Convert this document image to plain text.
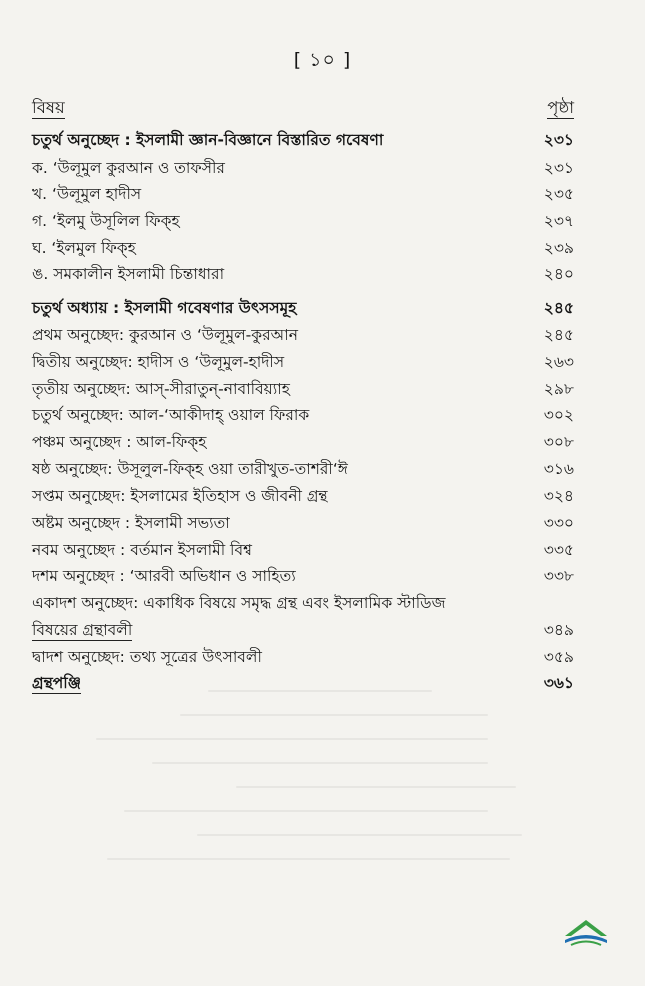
[ ১০ ]
বিষয়	পৃষ্ঠা
চতুর্থ অনুচ্ছেদ : ইসলামী জ্ঞান-বিজ্ঞানে বিস্তারিত গবেষণা	২৩১
ক. ‘উলূমুল কুরআন ও তাফসীর	২৩১
খ. ‘উলূমুল হাদীস	২৩৫
গ. ‘ইলমু উসূলিল ফিক্‌হ	২৩৭
ঘ. ‘ইলমুল ফিক্‌হ	২৩৯
ঙ. সমকালীন ইসলামী চিন্তাধারা	২৪০
চতুর্থ অধ্যায় : ইসলামী গবেষণার উৎসসমূহ	২৪৫
প্রথম অনুচ্ছেদ: কুরআন ও ‘উলূমুল-কুরআন	২৪৫
দ্বিতীয় অনুচ্ছেদ: হাদীস ও ‘উলূমুল-হাদীস	২৬৩
তৃতীয় অনুচ্ছেদ: আস্‌-সীরাতুন্‌-নাবাবিয়্যাহ	২৯৮
চতুর্থ অনুচ্ছেদ: আল-‘আকীদাহ্‌ ওয়াল ফিরাক	৩০২
পঞ্চম অনুচ্ছেদ : আল-ফিক্‌হ	৩০৮
ষষ্ঠ অনুচ্ছেদ: উসূলুল-ফিক্‌হ ওয়া তারীখুত-তাশরী‘ঈ	৩১৬
সপ্তম অনুচ্ছেদ: ইসলামের ইতিহাস ও জীবনী গ্রন্থ	৩২৪
অষ্টম অনুচ্ছেদ : ইসলামী সভ্যতা	৩৩০
নবম অনুচ্ছেদ : বর্তমান ইসলামী বিশ্ব	৩৩৫
দশম অনুচ্ছেদ : ‘আরবী অভিধান ও সাহিত্য	৩৩৮
একাদশ অনুচ্ছেদ: একাধিক বিষয়ে সমৃদ্ধ গ্রন্থ এবং ইসলামিক স্টাডিজ
বিষয়ের গ্রন্থাবলী	৩৪৯
দ্বাদশ অনুচ্ছেদ: তথ্য সূত্রের উৎসাবলী	৩৫৯
গ্রন্থপঞ্জি	৩৬১
